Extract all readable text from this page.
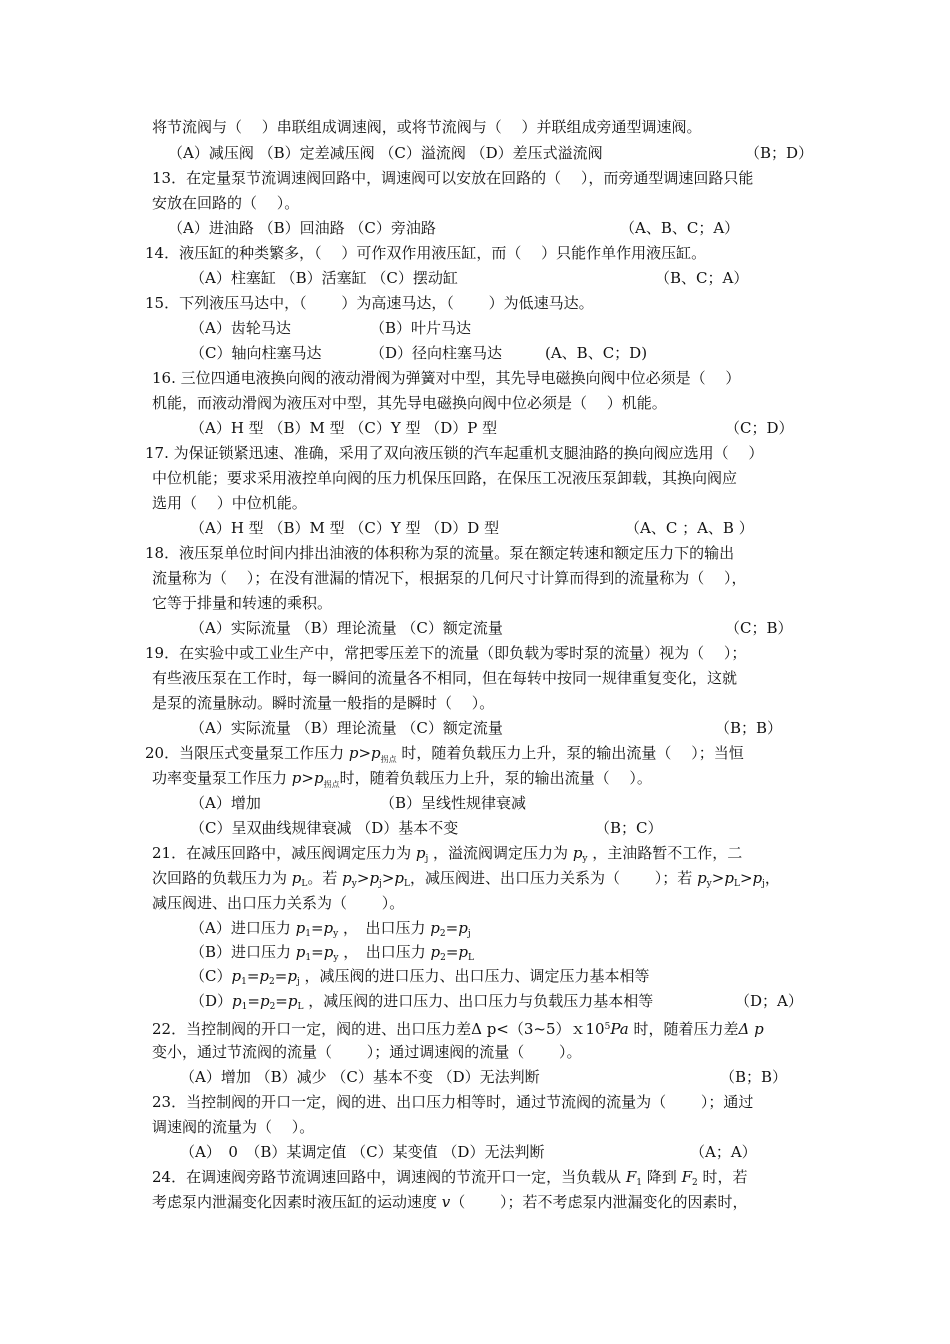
将节流阀与（　 ）串联组成调速阀，或将节流阀与（　 ）并联组成旁通型调速阀。
（A）减压阀 （B）定差减压阀 （C）溢流阀 （D）差压式溢流阀	（B；D）
13．在定量泵节流调速阀回路中，调速阀可以安放在回路的（　 ），而旁通型调速回路只能
安放在回路的（　 ）。
（A）进油路 （B）回油路 （C）旁油路	（A、B、C；A）
14．液压缸的种类繁多，（　 ）可作双作用液压缸，而（　 ）只能作单作用液压缸。
（A）柱塞缸 （B）活塞缸 （C）摆动缸	（B、C；A）
15．下列液压马达中，（　　 ）为高速马达，（　　 ）为低速马达。
（A）齿轮马达	（B）叶片马达
（C）轴向柱塞马达	（D）径向柱塞马达	(A、B、C；D)
16. 三位四通电液换向阀的液动滑阀为弹簧对中型，其先导电磁换向阀中位必须是（　 ）
机能，而液动滑阀为液压对中型，其先导电磁换向阀中位必须是（　 ）机能。
（A）H 型 （B）M 型 （C）Y 型 （D）P 型	（C；D）
17. 为保证锁紧迅速、准确，采用了双向液压锁的汽车起重机支腿油路的换向阀应选用（　 ）
中位机能；要求采用液控单向阀的压力机保压回路，在保压工况液压泵卸载，其换向阀应
选用（　 ）中位机能。
（A）H 型 （B）M 型 （C）Y 型 （D）D 型	（A、C ；A、B ）
18．液压泵单位时间内排出油液的体积称为泵的流量。泵在额定转速和额定压力下的输出
流量称为（　 ）；在没有泄漏的情况下，根据泵的几何尺寸计算而得到的流量称为（　 ），
它等于排量和转速的乘积。
（A）实际流量 （B）理论流量 （C）额定流量	（C；B）
19．在实验中或工业生产中，常把零压差下的流量（即负载为零时泵的流量）视为（　 ）；
有些液压泵在工作时，每一瞬间的流量各不相同，但在每转中按同一规律重复变化，这就
是泵的流量脉动。瞬时流量一般指的是瞬时（　 ）。
（A）实际流量 （B）理论流量 （C）额定流量	（B；B）
20．当限压式变量泵工作压力 $p>p_{拐点}$ 时，随着负载压力上升，泵的输出流量（　 ）；当恒
功率变量泵工作压力 $p>p_{拐点}$时，随着负载压力上升，泵的输出流量（　 ）。
（A）增加	（B）呈线性规律衰减
（C）呈双曲线规律衰减 （D）基本不变	（B；C）
21．在减压回路中，减压阀调定压力为 $p_j$ ，溢流阀调定压力为 $p_y$ ，主油路暂不工作，二
次回路的负载压力为 $p_L$。若 $p_y>p_j>p_L$，减压阀进、出口压力关系为（　　 ）；若 $p_y>p_L>p_j$，
减压阀进、出口压力关系为（　　 ）。
（A）进口压力 $p_1=p_y$ ，　出口压力 $p_2=p_j$
（B）进口压力 $p_1=p_y$ ，　出口压力 $p_2=p_L$
$(C)p_1=p_2=p_j$ ，减压阀的进口压力、出口压力、调定压力基本相等
$(D)p_1=p_2=p_L$ ，减压阀的进口压力、出口压力与负载压力基本相等	（D；A）
22．当控制阀的开口一定，阀的进、出口压力差Δ $p<(3\sim 5)x10^5Pa$ 时，随着压力差Δ p
变小，通过节流阀的流量（　　 ）；通过调速阀的流量（　　 ）。
（A）增加 （B）减少 （C）基本不变 （D）无法判断	（B；B）
23．当控制阀的开口一定，阀的进、出口压力相等时，通过节流阀的流量为（　　 ）；通过
调速阀的流量为（　 ）。
（A）　0　（B）某调定值 （C）某变值 （D）无法判断	（A；A）
24．在调速阀旁路节流调速回路中，调速阀的节流开口一定，当负载从 $F_1$ 降到 $F_2$ 时，若
考虑泵内泄漏变化因素时液压缸的运动速度 v（　　 ）；若不考虑泵内泄漏变化的因素时，
